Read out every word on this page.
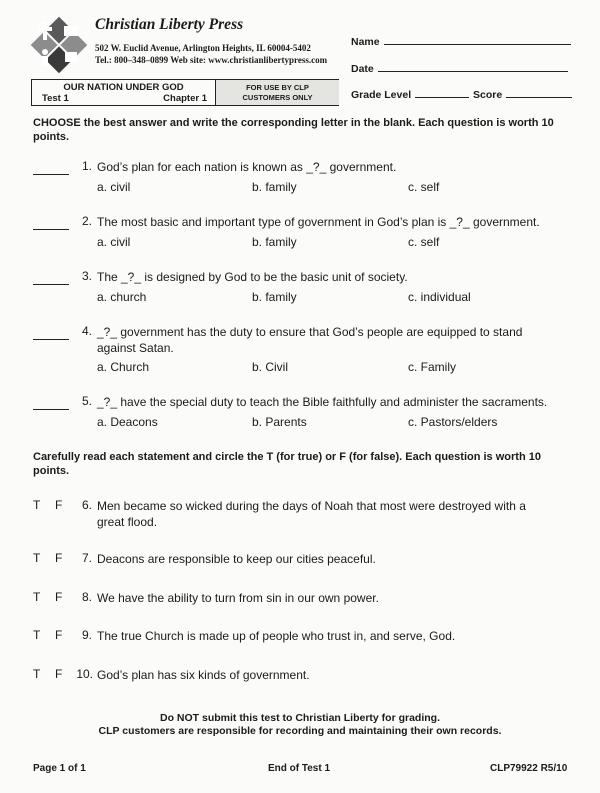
Christian Liberty Press
502 W. Euclid Avenue, Arlington Heights, IL 60004-5402
Tel.: 800–348–0899 Web site: www.christianlibertypress.com
Name
Date
Grade Level	Score
OUR NATION UNDER GOD
Test 1	Chapter 1
FOR USE BY CLP
CUSTOMERS ONLY
CHOOSE the best answer and write the corresponding letter in the blank. Each question is worth 10 points.
1. God’s plan for each nation is known as _?_ government.
a. civil	b. family	c. self
2. The most basic and important type of government in God’s plan is _?_ government.
a. civil	b. family	c. self
3. The _?_ is designed by God to be the basic unit of society.
a. church	b. family	c. individual
4. _?_ government has the duty to ensure that God’s people are equipped to stand against Satan.
a. Church	b. Civil	c. Family
5. _?_ have the special duty to teach the Bible faithfully and administer the sacraments.
a. Deacons	b. Parents	c. Pastors/elders
Carefully read each statement and circle the T (for true) or F (for false). Each question is worth 10 points.
T F	6. Men became so wicked during the days of Noah that most were destroyed with a great flood.
T F	7. Deacons are responsible to keep our cities peaceful.
T F	8. We have the ability to turn from sin in our own power.
T F	9. The true Church is made up of people who trust in, and serve, God.
T F	10. God’s plan has six kinds of government.
Do NOT submit this test to Christian Liberty for grading.
CLP customers are responsible for recording and maintaining their own records.
Page 1 of 1	End of Test 1	CLP79922 R5/10
